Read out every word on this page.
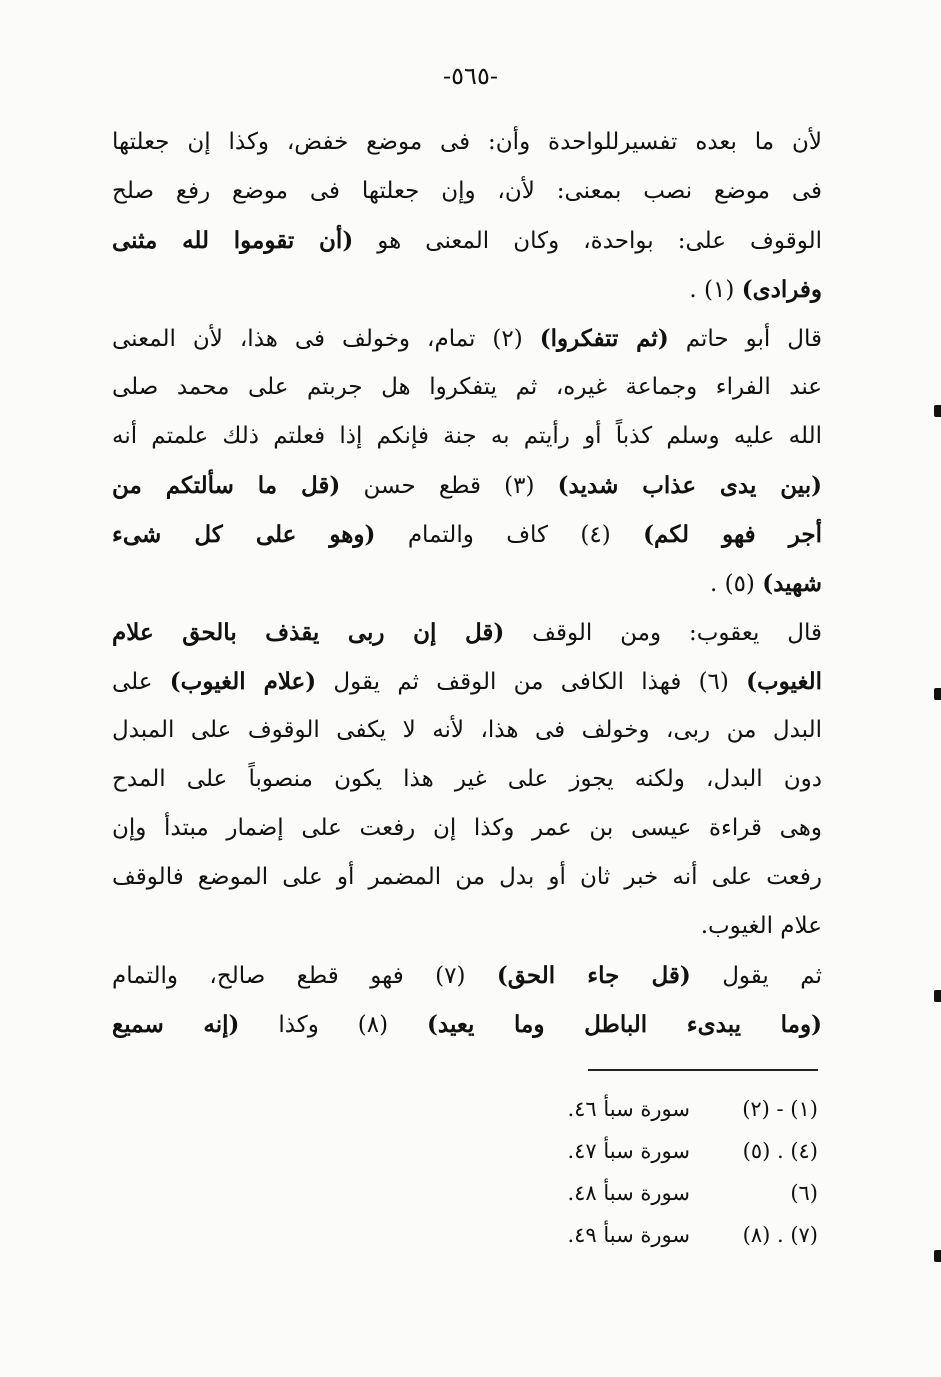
-٥٦٥-
لأن ما بعده تفسيرللواحدة وأن: فى موضع خفض، وكذا إن جعلتها
فى موضع نصب بمعنى: لأن، وإن جعلتها فى موضع رفع صلح
الوقوف على: بواحدة، وكان المعنى هو (أن تقوموا لله مثنى
وفرادى) (١) .
قال أبو حاتم (ثم تتفكروا) (٢) تمام، وخولف فى هذا، لأن المعنى
عند الفراء وجماعة غيره، ثم يتفكروا هل جربتم على محمد صلى
الله عليه وسلم كذباً أو رأيتم به جنة فإنكم إذا فعلتم ذلك علمتم أنه
(بين يدى عذاب شديد) (٣) قطع حسن (قل ما سألتكم من
أجر فهو لكم) (٤) كاف والتمام (وهو على كل شىء
شهيد) (٥) .
قال يعقوب: ومن الوقف (قل إن ربى يقذف بالحق علام
الغيوب) (٦) فهذا الكافى من الوقف ثم يقول (علام الغيوب) على
البدل من ربى، وخولف فى هذا، لأنه لا يكفى الوقوف على المبدل
دون البدل، ولكنه يجوز على غير هذا يكون منصوباً على المدح
وهى قراءة عيسى بن عمر وكذا إن رفعت على إضمار مبتدأ وإن
رفعت على أنه خبر ثان أو بدل من المضمر أو على الموضع فالوقف
علام الغيوب.
ثم يقول (قل جاء الحق) (٧) فهو قطع صالح، والتمام
(وما يبدىء الباطل وما يعيد) (٨) وكذا (إنه سميع
(١) - (٢)
سورة سبأ ٤٦.
(٤) . (٥)
سورة سبأ ٤٧.
(٦)
سورة سبأ ٤٨.
(٧) . (٨)
سورة سبأ ٤٩.
